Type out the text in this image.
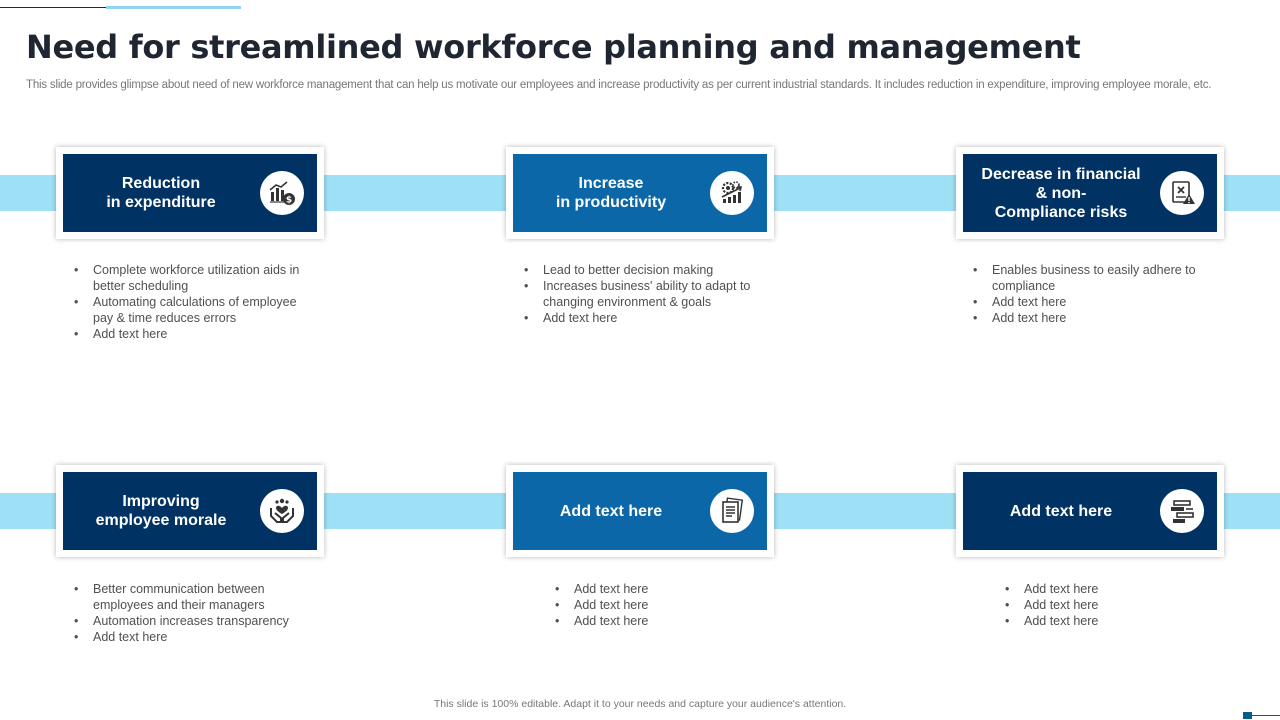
Need for streamlined workforce planning and management

This slide provides glimpse about need of new workforce management that can help us motivate our employees and increase productivity as per current industrial standards. It includes reduction in expenditure, improving employee morale, etc.

Reduction
in expenditure	$
• Complete workforce utilization aids in better scheduling
• Automating calculations of employee pay & time reduces errors
• Add text here
Increase
in productivity
• Lead to better decision making
• Increases business' ability to adapt to changing environment & goals
• Add text here
Decrease in financial
& non-
Compliance risks
• Enables business to easily adhere to compliance
• Add text here
• Add text here
Improving
employee morale
• Better communication between employees and their managers
• Automation increases transparency
• Add text here
Add text here
• Add text here
• Add text here
• Add text here
Add text here
• Add text here
• Add text here
• Add text here
This slide is 100% editable. Adapt it to your needs and capture your audience's attention.
